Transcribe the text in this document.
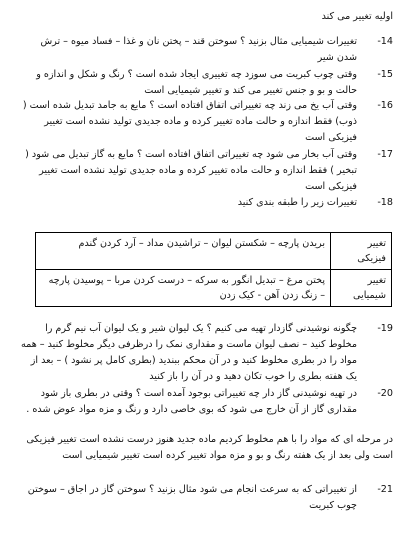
اولیه تغییر می کند
-14
تغییرات شیمیایی مثال بزنید ؟ سوختن قند – پختن نان و غذا – فساد میوه – ترش شدن شیر
-15
وقتی چوب کبریت می سوزد چه تغییری ایجاد شده است ؟ رنگ و شکل و اندازه و حالت و بو و جنس تغییر می کند و تغییر شیمیایی است
-16
وقتی آب یخ می زند چه تغییراتی اتفاق افتاده است ؟ مایع به جامد تبدیل شده است ( ذوب) فقط اندازه و حالت ماده تغییر کرده و ماده جدیدی تولید نشده است تغییر فیزیکی است
-17
وقتی آب بخار می شود چه تغییراتی اتفاق افتاده است ؟ مایع به گاز تبدیل می شود ( تبخیر ) فقط اندازه و حالت ماده تغییر کرده و ماده جدیدی تولید نشده است تغییر فیزیکی است
-18
تغییرات زیر را طبقه بندی کنید
تغییر فیزیکی	بریدن پارچه – شکستن لیوان – تراشیدن مداد – آرد کردن گندم
تغییر شیمیایی	پختن مرغ – تبدیل انگور به سرکه – درست کردن مربا – پوسیدن پارچه – زنگ زدن آهن - کیک زدن
-19
چگونه نوشیدنی گازدار تهیه می کنیم ؟ یک لیوان شیر و یک لیوان آب نیم گرم را مخلوط کنید – نصف لیوان ماست و مقداری نمک را درظرفی دیگر مخلوط کنید – همه مواد را در بطری مخلوط کنید و در آن محکم ببندید (بطری کامل پر نشود ) – بعد از یک هفته بطری را خوب تکان دهید و در آن را باز کنید
-20
در تهیه نوشیدنی گاز دار چه تغییراتی بوجود آمده است ؟ وقتی در بطری باز شود مقداری گاز از آن خارج می شود که بوی خاصی دارد و رنگ و مزه مواد عوض شده .
در مرحله ای که مواد را با هم مخلوط کردیم ماده جدید هنوز درست نشده است تغییر فیزیکی است ولی بعد از یک هفته رنگ و بو و مزه مواد تغییر کرده است تغییر شیمیایی است
-21
از تغییراتی که به سرعت انجام می شود مثال بزنید ؟ سوختن گاز در اجاق – سوختن چوب کبریت
